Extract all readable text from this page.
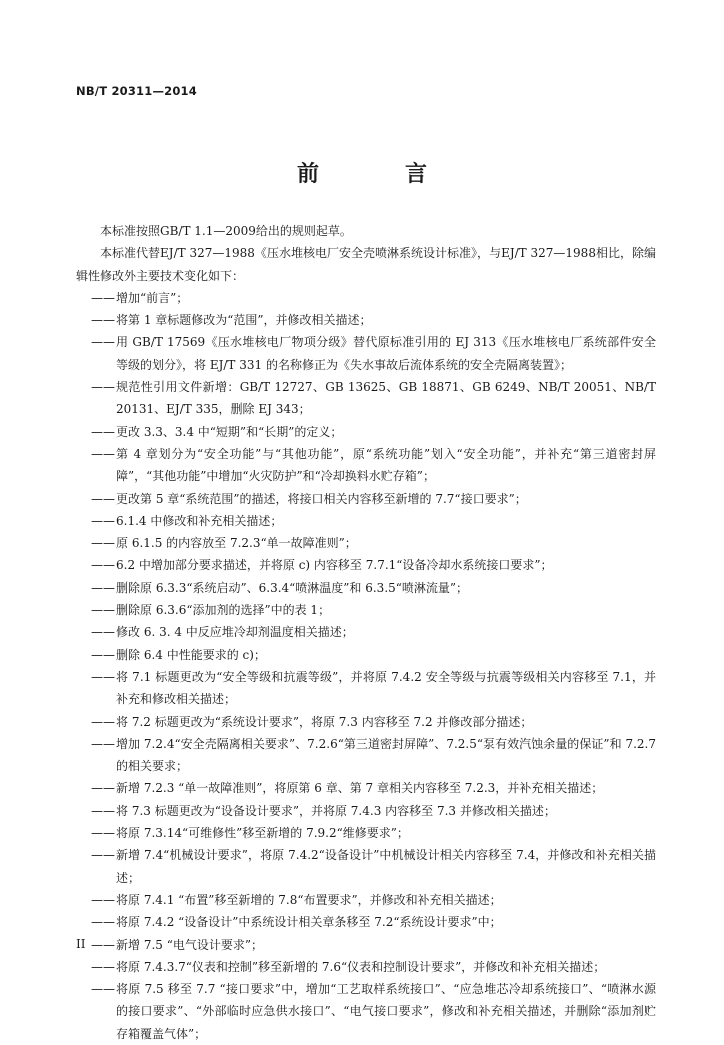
NB/T 20311—2014
前　言

本标准按照GB/T 1.1—2009给出的规则起草。

本标准代替EJ/T 327—1988《压水堆核电厂安全壳喷淋系统设计标准》，与EJ/T 327—1988相比，除编辑性修改外主要技术变化如下：

—— 增加“前言”；

—— 将第 1 章标题修改为“范围”，并修改相关描述；

—— 用 GB/T 17569《压水堆核电厂物项分级》替代原标准引用的 EJ 313《压水堆核电厂系统部件安全等级的划分》，将 EJ/T 331 的名称修正为《失水事故后流体系统的安全壳隔离装置》；

—— 规范性引用文件新增：GB/T 12727、GB 13625、GB 18871、GB 6249、NB/T 20051、NB/T 20131、EJ/T 335，删除 EJ 343；

—— 更改 3.3、3.4 中“短期”和“长期”的定义；

—— 第 4 章划分为“安全功能”与“其他功能”，原“系统功能”划入“安全功能”，并补充“第三道密封屏障”，“其他功能”中增加“火灾防护”和“冷却换料水贮存箱”；

—— 更改第 5 章“系统范围”的描述，将接口相关内容移至新增的 7.7“接口要求”；

—— 6.1.4 中修改和补充相关描述；

—— 原 6.1.5 的内容放至 7.2.3“单一故障准则”；

—— 6.2 中增加部分要求描述，并将原 c) 内容移至 7.7.1“设备冷却水系统接口要求”；

—— 删除原 6.3.3“系统启动”、6.3.4“喷淋温度”和 6.3.5“喷淋流量”；

—— 删除原 6.3.6“添加剂的选择”中的表 1；

—— 修改 6. 3. 4 中反应堆冷却剂温度相关描述；

—— 删除 6.4 中性能要求的 c)；

—— 将 7.1 标题更改为“安全等级和抗震等级”，并将原 7.4.2 安全等级与抗震等级相关内容移至 7.1，并补充和修改相关描述；

—— 将 7.2 标题更改为“系统设计要求”，将原 7.3 内容移至 7.2 并修改部分描述；

—— 增加 7.2.4“安全壳隔离相关要求”、7.2.6“第三道密封屏障”、7.2.5“泵有效汽蚀余量的保证”和 7.2.7 的相关要求；

—— 新增 7.2.3 “单一故障准则”，将原第 6 章、第 7 章相关内容移至 7.2.3，并补充相关描述；

—— 将 7.3 标题更改为“设备设计要求”，并将原 7.4.3 内容移至 7.3 并修改相关描述；

—— 将原 7.3.14“可维修性”移至新增的 7.9.2“维修要求”；

—— 新增 7.4“机械设计要求”，将原 7.4.2“设备设计”中机械设计相关内容移至 7.4，并修改和补充相关描述；

—— 将原 7.4.1 “布置”移至新增的 7.8“布置要求”，并修改和补充相关描述；

—— 将原 7.4.2 “设备设计”中系统设计相关章条移至 7.2“系统设计要求”中；

—— 新增 7.5 “电气设计要求”；

—— 将原 7.4.3.7“仪表和控制”移至新增的 7.6“仪表和控制设计要求”，并修改和补充相关描述；

—— 将原 7.5 移至 7.7 “接口要求”中，增加“工艺取样系统接口”、“应急堆芯冷却系统接口”、“喷淋水源的接口要求”、“外部临时应急供水接口”、“电气接口要求”，修改和补充相关描述，并删除“添加剂贮存箱覆盖气体”；

II
